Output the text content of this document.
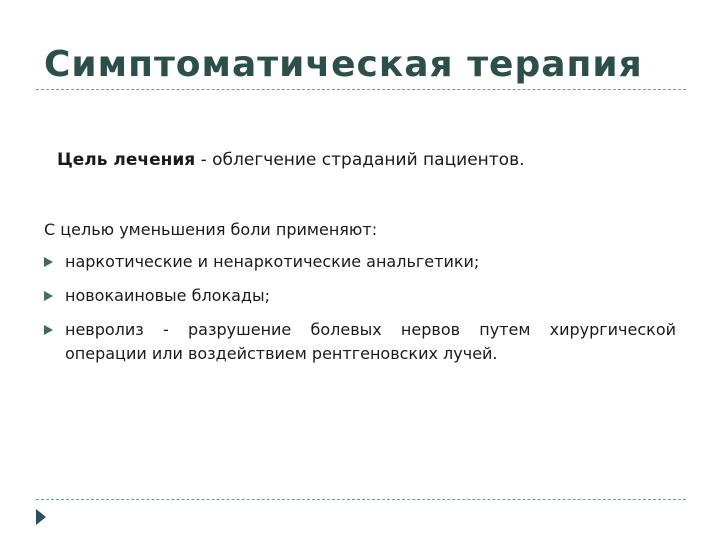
Симптоматическая терапия
Цель лечения - облегчение страданий пациентов.
С целью уменьшения боли применяют:
наркотические и ненаркотические анальгетики;
новокаиновые блокады;
невролиз - разрушение болевых нервов путем хирургической операции или воздействием рентгеновских лучей.
